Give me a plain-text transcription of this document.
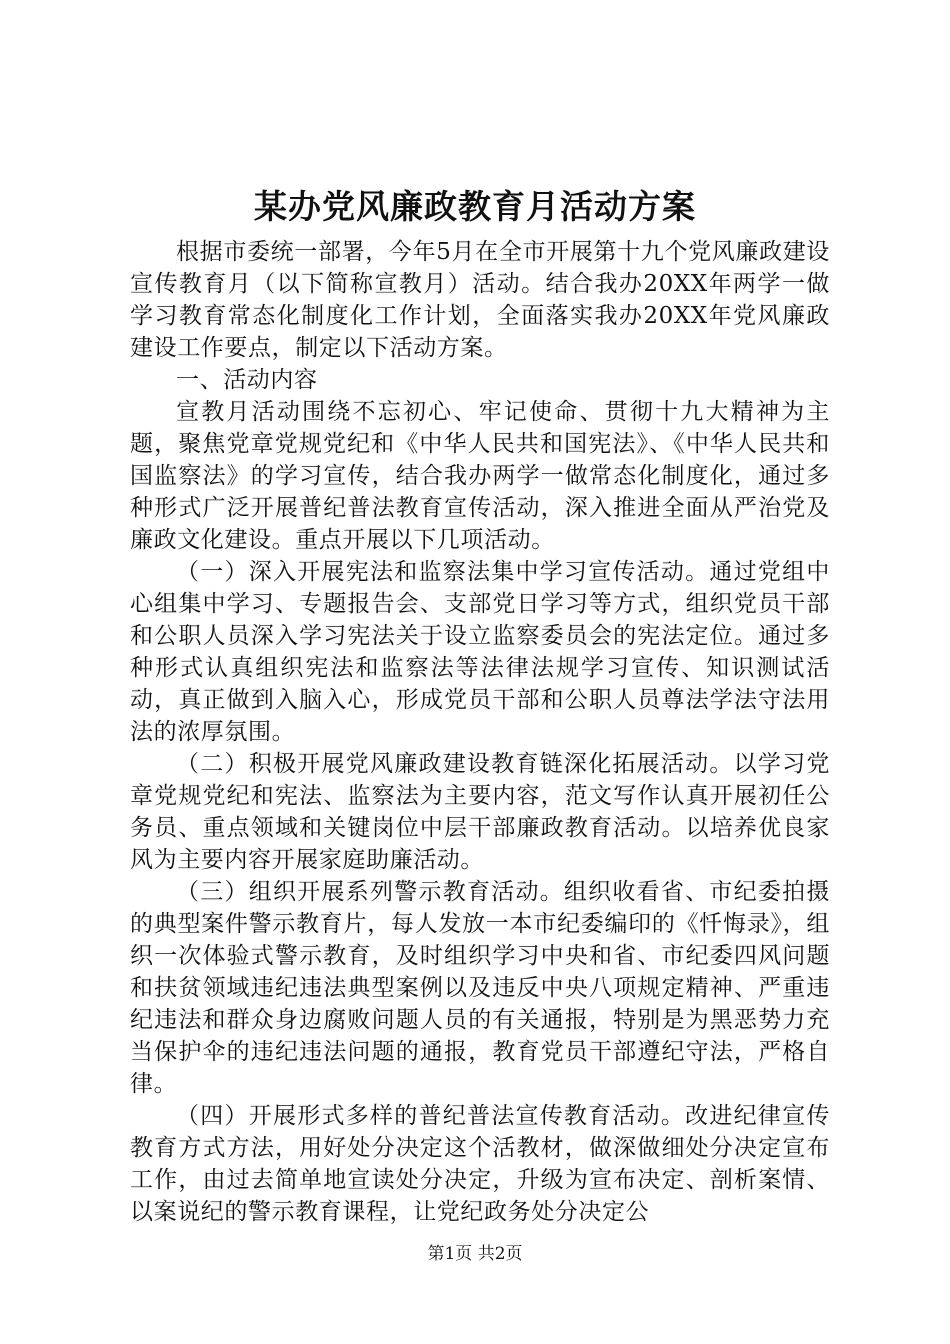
某办党风廉政教育月活动方案

根据市委统一部署，今年5月在全市开展第十九个党风廉政建设宣传教育月（以下简称宣教月）活动。结合我办20XX年两学一做学习教育常态化制度化工作计划，全面落实我办20XX年党风廉政建设工作要点，制定以下活动方案。

一、活动内容

宣教月活动围绕不忘初心、牢记使命、贯彻十九大精神为主题，聚焦党章党规党纪和《中华人民共和国宪法》、《中华人民共和国监察法》的学习宣传，结合我办两学一做常态化制度化，通过多种形式广泛开展普纪普法教育宣传活动，深入推进全面从严治党及廉政文化建设。重点开展以下几项活动。

（一）深入开展宪法和监察法集中学习宣传活动。通过党组中心组集中学习、专题报告会、支部党日学习等方式，组织党员干部和公职人员深入学习宪法关于设立监察委员会的宪法定位。通过多种形式认真组织宪法和监察法等法律法规学习宣传、知识测试活动，真正做到入脑入心，形成党员干部和公职人员尊法学法守法用法的浓厚氛围。

（二）积极开展党风廉政建设教育链深化拓展活动。以学习党章党规党纪和宪法、监察法为主要内容，范文写作认真开展初任公务员、重点领域和关键岗位中层干部廉政教育活动。以培养优良家风为主要内容开展家庭助廉活动。

（三）组织开展系列警示教育活动。组织收看省、市纪委拍摄的典型案件警示教育片，每人发放一本市纪委编印的《忏悔录》，组织一次体验式警示教育，及时组织学习中央和省、市纪委四风问题和扶贫领域违纪违法典型案例以及违反中央八项规定精神、严重违纪违法和群众身边腐败问题人员的有关通报，特别是为黑恶势力充当保护伞的违纪违法问题的通报，教育党员干部遵纪守法，严格自律。

（四）开展形式多样的普纪普法宣传教育活动。改进纪律宣传教育方式方法，用好处分决定这个活教材，做深做细处分决定宣布工作，由过去简单地宣读处分决定，升级为宣布决定、剖析案情、以案说纪的警示教育课程，让党纪政务处分决定公

第1页 共2页
